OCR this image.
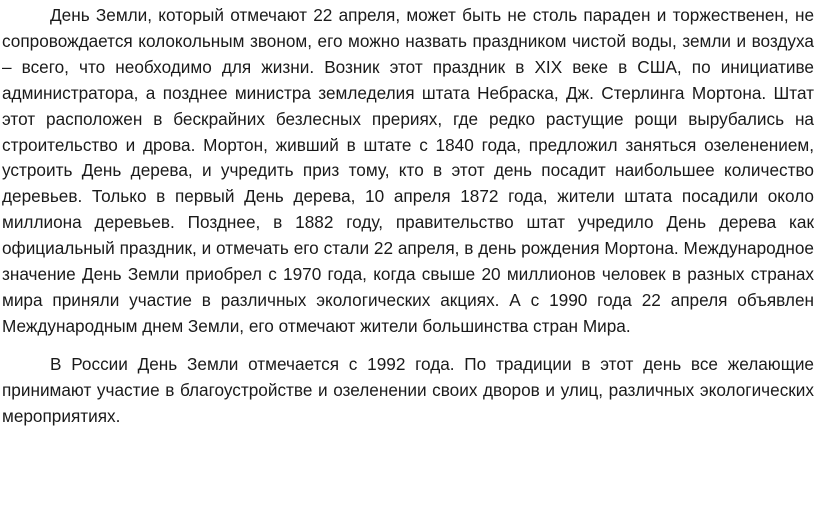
День Земли, который отмечают 22 апреля, может быть не столь параден и торжественен, не сопровождается колокольным звоном, его можно назвать праздником чистой воды, земли и воздуха – всего, что необходимо для жизни. Возник этот праздник в XIX веке в США, по инициативе администратора, а позднее министра земледелия штата Небраска, Дж. Стерлинга Мортона. Штат этот расположен в бескрайних безлесных прериях, где редко растущие рощи вырубались на строительство и дрова. Мортон, живший в штате с 1840 года, предложил заняться озеленением, устроить День дерева, и учредить приз тому, кто в этот день посадит наибольшее количество деревьев. Только в первый День дерева, 10 апреля 1872 года, жители штата посадили около миллиона деревьев. Позднее, в 1882 году, правительство штат учредило День дерева как официальный праздник, и отмечать его стали 22 апреля, в день рождения Мортона. Международное значение День Земли приобрел с 1970 года, когда свыше 20 миллионов человек в разных странах мира приняли участие в различных экологических акциях. А с 1990 года 22 апреля объявлен Международным днем Земли, его отмечают жители большинства стран Мира.

В России День Земли отмечается с 1992 года. По традиции в этот день все желающие принимают участие в благоустройстве и озеленении своих дворов и улиц, различных экологических мероприятиях.
